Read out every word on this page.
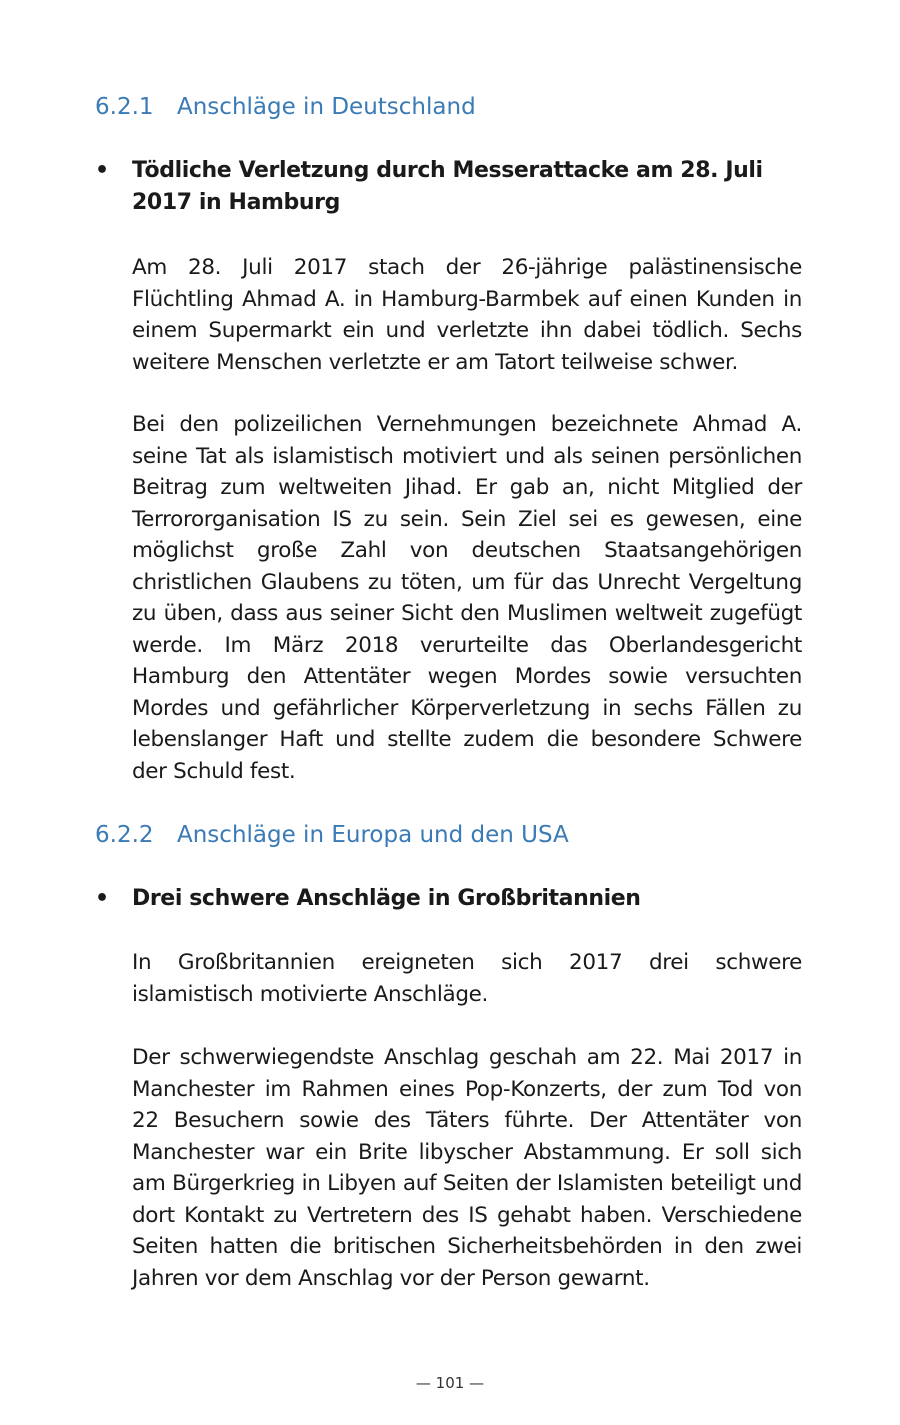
6.2.1 Anschläge in Deutschland
• Tödliche Verletzung durch Messerattacke am 28. Juli 2017 in Hamburg

Am 28. Juli 2017 stach der 26-jährige palästinensische Flüchtling Ahmad A. in Hamburg-Barmbek auf einen Kunden in einem Supermarkt ein und verletzte ihn dabei tödlich. Sechs weitere Menschen verletzte er am Tatort teilweise schwer.

Bei den polizeilichen Vernehmungen bezeichnete Ahmad A. seine Tat als islamistisch motiviert und als seinen persönlichen Beitrag zum weltweiten Jihad. Er gab an, nicht Mitglied der Terrororganisation IS zu sein. Sein Ziel sei es gewesen, eine möglichst große Zahl von deutschen Staatsangehörigen christlichen Glaubens zu töten, um für das Unrecht Vergeltung zu üben, dass aus seiner Sicht den Muslimen weltweit zugefügt werde. Im März 2018 verurteilte das Oberlandesgericht Hamburg den Attentäter wegen Mordes sowie versuchten Mordes und gefährlicher Körperverletzung in sechs Fällen zu lebenslanger Haft und stellte zudem die besondere Schwere der Schuld fest.

6.2.2 Anschläge in Europa und den USA
• Drei schwere Anschläge in Großbritannien

In Großbritannien ereigneten sich 2017 drei schwere islamistisch motivierte Anschläge.

Der schwerwiegendste Anschlag geschah am 22. Mai 2017 in Manchester im Rahmen eines Pop-Konzerts, der zum Tod von 22 Besuchern sowie des Täters führte. Der Attentäter von Manchester war ein Brite libyscher Abstammung. Er soll sich am Bürgerkrieg in Libyen auf Seiten der Islamisten beteiligt und dort Kontakt zu Vertretern des IS gehabt haben. Verschiedene Seiten hatten die britischen Sicherheitsbehörden in den zwei Jahren vor dem Anschlag vor der Person gewarnt.

— 101 —
